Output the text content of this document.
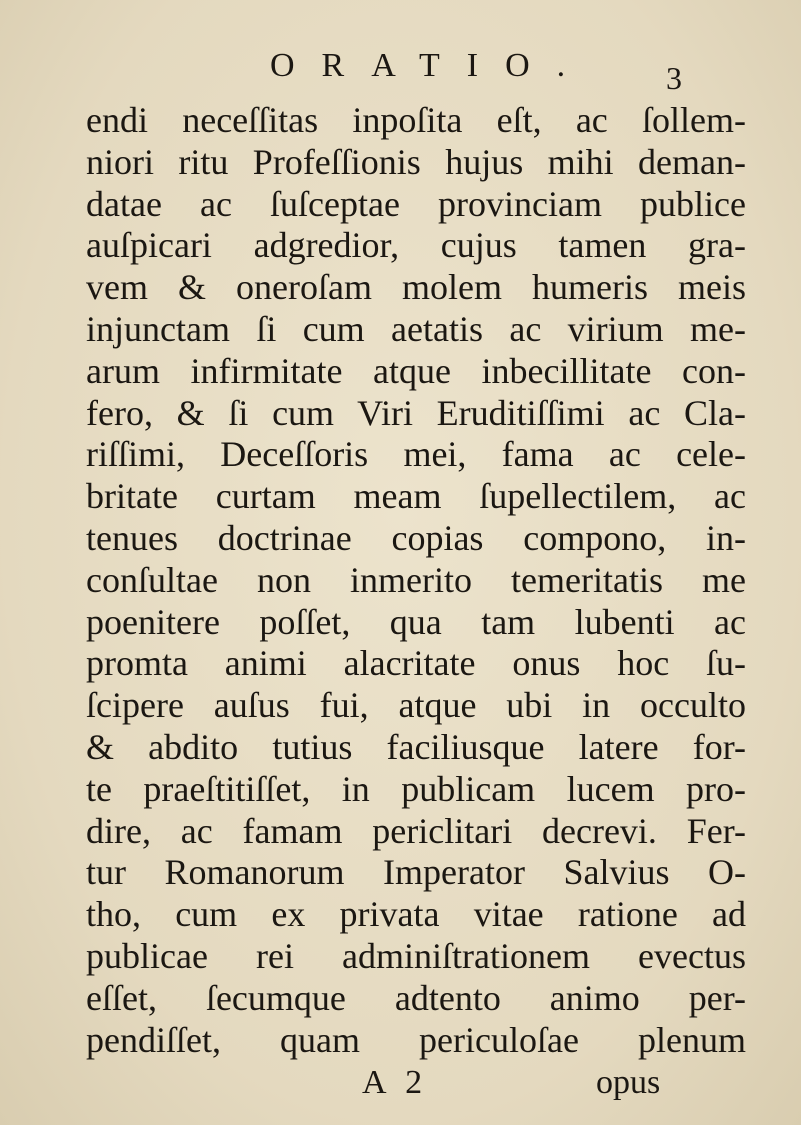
ORATIO. 3
endi neceſſitas inpoſita eſt, ac ſollem-
niori ritu Profeſſionis hujus mihi deman-
datae ac ſuſceptae provinciam publice
auſpicari adgredior, cujus tamen gra-
vem & oneroſam molem humeris meis
injunctam ſi cum aetatis ac virium me-
arum infirmitate atque inbecillitate con-
fero, & ſi cum Viri Eruditiſſimi ac Cla-
riſſimi, Deceſſoris mei, fama ac cele-
britate curtam meam ſupellectilem, ac
tenues doctrinae copias compono, in-
conſultae non inmerito temeritatis me
poenitere poſſet, qua tam lubenti ac
promta animi alacritate onus hoc ſu-
ſcipere auſus fui, atque ubi in occulto
& abdito tutius faciliusque latere for-
te praeſtitiſſet, in publicam lucem pro-
dire, ac famam periclitari decrevi. Fer-
tur Romanorum Imperator Salvius O-
tho, cum ex privata vitae ratione ad
publicae rei adminiſtrationem evectus
eſſet, ſecumque adtento animo per-
pendiſſet, quam periculoſae plenum
A 2	opus
